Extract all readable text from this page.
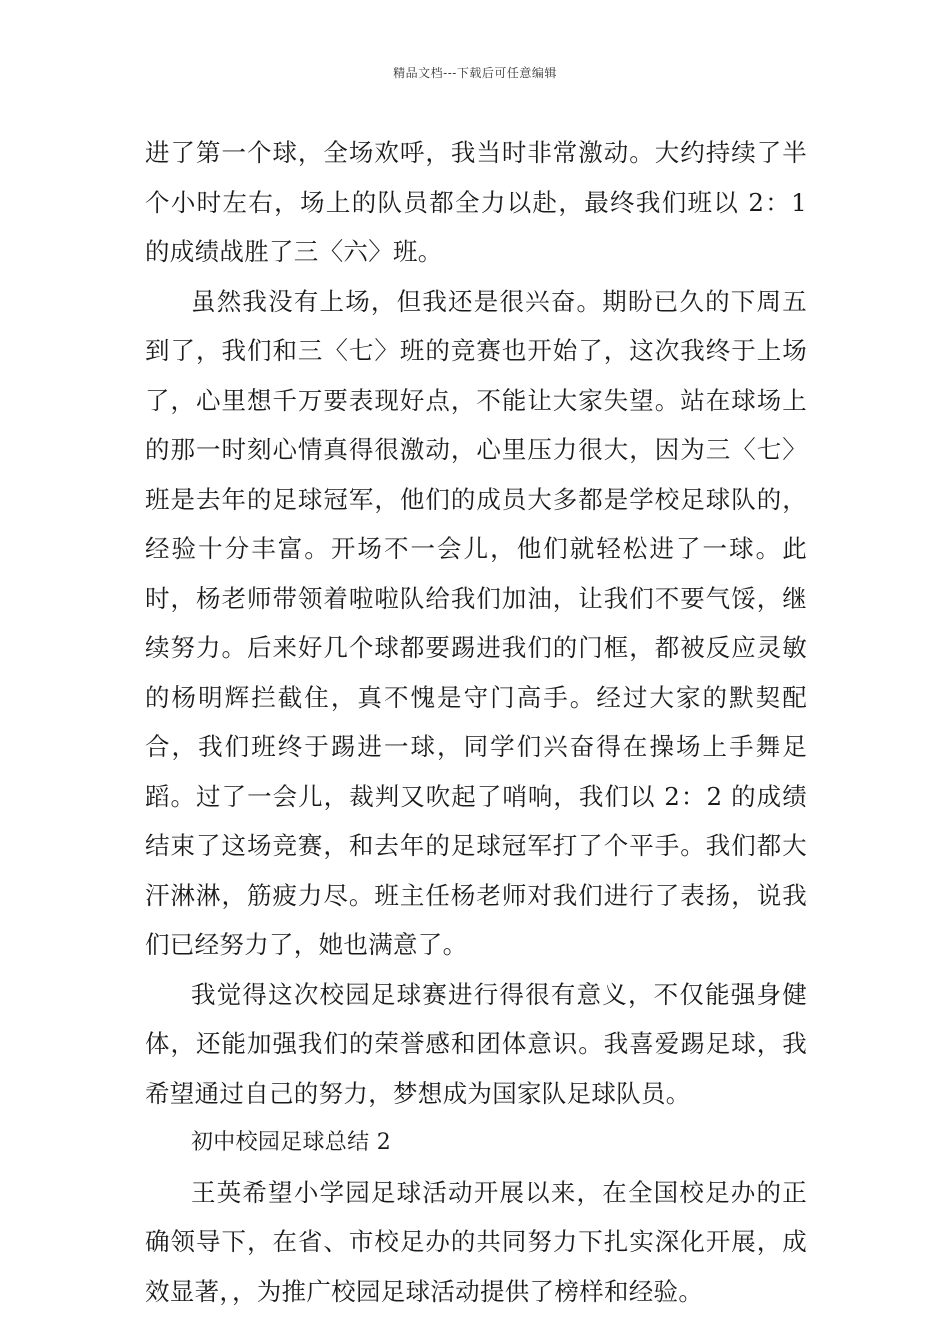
精品文档---下载后可任意编辑

进了第一个球，全场欢呼，我当时非常激动。大约持续了半个小时左右，场上的队员都全力以赴，最终我们班以 2：1 的成绩战胜了三〈六〉班。

虽然我没有上场，但我还是很兴奋。期盼已久的下周五到了，我们和三〈七〉班的竞赛也开始了，这次我终于上场了，心里想千万要表现好点，不能让大家失望。站在球场上的那一时刻心情真得很激动，心里压力很大，因为三〈七〉班是去年的足球冠军，他们的成员大多都是学校足球队的，经验十分丰富。开场不一会儿，他们就轻松进了一球。此时，杨老师带领着啦啦队给我们加油，让我们不要气馁，继续努力。后来好几个球都要踢进我们的门框，都被反应灵敏的杨明辉拦截住，真不愧是守门高手。经过大家的默契配合，我们班终于踢进一球，同学们兴奋得在操场上手舞足蹈。过了一会儿，裁判又吹起了哨响，我们以 2：2 的成绩结束了这场竞赛，和去年的足球冠军打了个平手。我们都大汗淋淋，筋疲力尽。班主任杨老师对我们进行了表扬，说我们已经努力了，她也满意了。

我觉得这次校园足球赛进行得很有意义，不仅能强身健体，还能加强我们的荣誉感和团体意识。我喜爱踢足球，我希望通过自己的努力，梦想成为国家队足球队员。

初中校园足球总结 2

王英希望小学园足球活动开展以来，在全国校足办的正确领导下，在省、市校足办的共同努力下扎实深化开展，成效显著，，为推广校园足球活动提供了榜样和经验。
